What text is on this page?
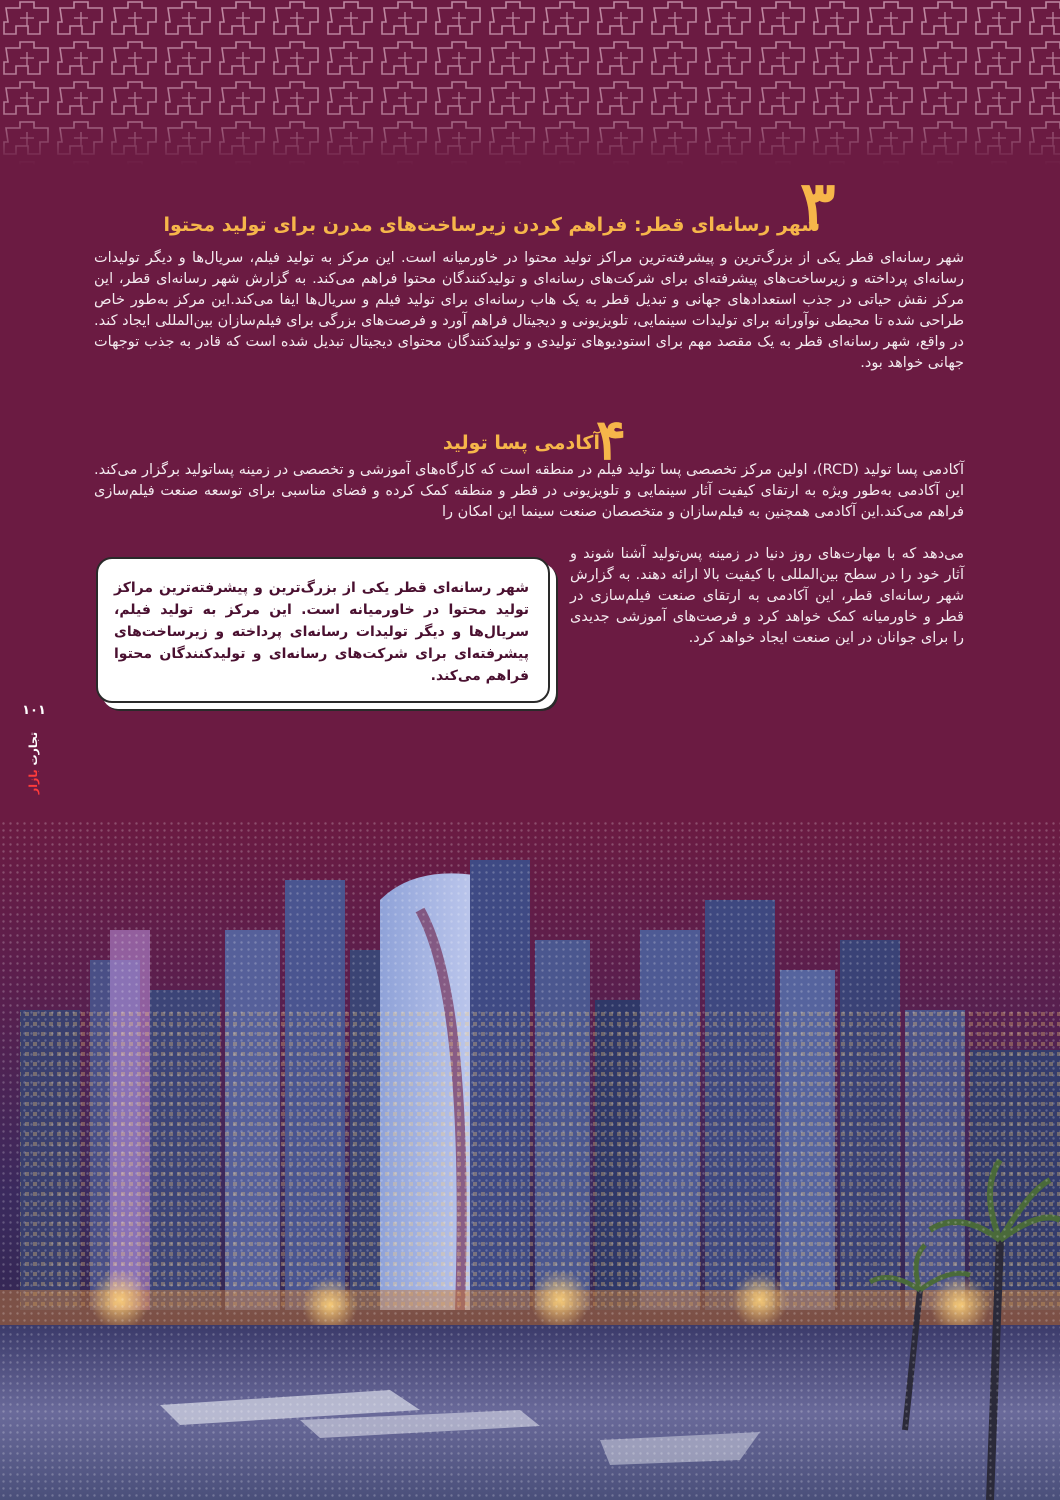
۳
شهر رسانه‌ای قطر: فراهم کردن زیرساخت‌های مدرن برای تولید محتوا

شهر رسانه‌ای قطر یکی از بزرگ‌ترین و پیشرفته‌ترین مراکز تولید محتوا در خاورمیانه است. این مرکز به تولید فیلم، سریال‌ها و دیگر تولیدات رسانه‌ای پرداخته و زیرساخت‌های پیشرفته‌ای برای شرکت‌های رسانه‌ای و تولیدکنندگان محتوا فراهم می‌کند. به گزارش شهر رسانه‌ای قطر، این مرکز نقش حیاتی در جذب استعدادهای جهانی و تبدیل قطر به یک هاب رسانه‌ای برای تولید فیلم و سریال‌ها ایفا می‌کند.این مرکز به‌طور خاص طراحی شده تا محیطی نوآورانه برای تولیدات سینمایی، تلویزیونی و دیجیتال فراهم آورد و فرصت‌های بزرگی برای فیلم‌سازان بین‌المللی ایجاد کند. در واقع، شهر رسانه‌ای قطر به یک مقصد مهم برای استودیوهای تولیدی و تولیدکنندگان محتوای دیجیتال تبدیل شده است که قادر به جذب توجهات جهانی خواهد بود.

۴
آکادمی پسا تولید

آکادمی پسا تولید (RCD)، اولین مرکز تخصصی پسا تولید فیلم در منطقه است که کارگاه‌های آموزشی و تخصصی در زمینه پساتولید برگزار می‌کند. این آکادمی به‌طور ویژه به ارتقای کیفیت آثار سینمایی و تلویزیونی در قطر و منطقه کمک کرده و فضای مناسبی برای توسعه صنعت فیلم‌سازی فراهم می‌کند.این آکادمی همچنین به فیلم‌سازان و متخصصان صنعت سینما این امکان را

می‌دهد که با مهارت‌های روز دنیا در زمینه پس‌تولید آشنا شوند و آثار خود را در سطح بین‌المللی با کیفیت بالا ارائه دهند. به گزارش شهر رسانه‌ای قطر، این آکادمی به ارتقای صنعت فیلم‌سازی در قطر و خاورمیانه کمک خواهد کرد و فرصت‌های آموزشی جدیدی را برای جوانان در این صنعت ایجاد خواهد کرد.

شهر رسانه‌ای قطر یکی از بزرگ‌ترین و پیشرفته‌ترین مراکز تولید محتوا در خاورمیانه است. این مرکز به تولید فیلم، سریال‌ها و دیگر تولیدات رسانه‌ای پرداخته و زیرساخت‌های پیشرفته‌ای برای شرکت‌های رسانه‌ای و تولیدکنندگان محتوا فراهم می‌کند.

۱۰۱
تجارت بازار
